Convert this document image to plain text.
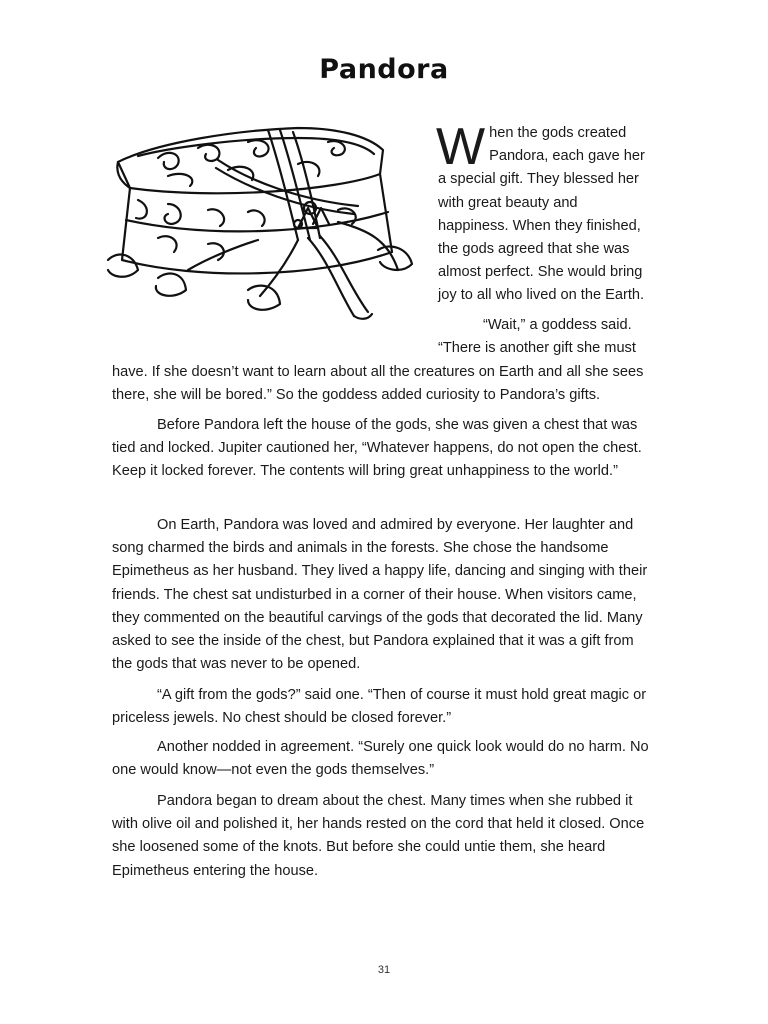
Pandora

When the gods created Pandora, each gave her a special gift. They blessed her with great beauty and happiness. When they finished, the gods agreed that she was almost perfect. She would bring joy to all who lived on the Earth.

“Wait,” a goddess said. “There is another gift she must

have. If she doesn’t want to learn about all the creatures on Earth and all she sees there, she will be bored.” So the goddess added curiosity to Pandora’s gifts.

Before Pandora left the house of the gods, she was given a chest that was tied and locked. Jupiter cautioned her, “Whatever happens, do not open the chest. Keep it locked forever. The contents will bring great unhappiness to the world.”

On Earth, Pandora was loved and admired by everyone. Her laughter and song charmed the birds and animals in the forests. She chose the handsome Epimetheus as her husband. They lived a happy life, dancing and singing with their friends. The chest sat undisturbed in a corner of their house. When visitors came, they commented on the beautiful carvings of the gods that decorated the lid. Many asked to see the inside of the chest, but Pandora explained that it was a gift from the gods that was never to be opened.

“A gift from the gods?” said one. “Then of course it must hold great magic or priceless jewels. No chest should be closed forever.”

Another nodded in agreement. “Surely one quick look would do no harm. No one would know—not even the gods themselves.”

Pandora began to dream about the chest. Many times when she rubbed it with olive oil and polished it, her hands rested on the cord that held it closed. Once she loosened some of the knots. But before she could untie them, she heard Epimetheus entering the house.

31
